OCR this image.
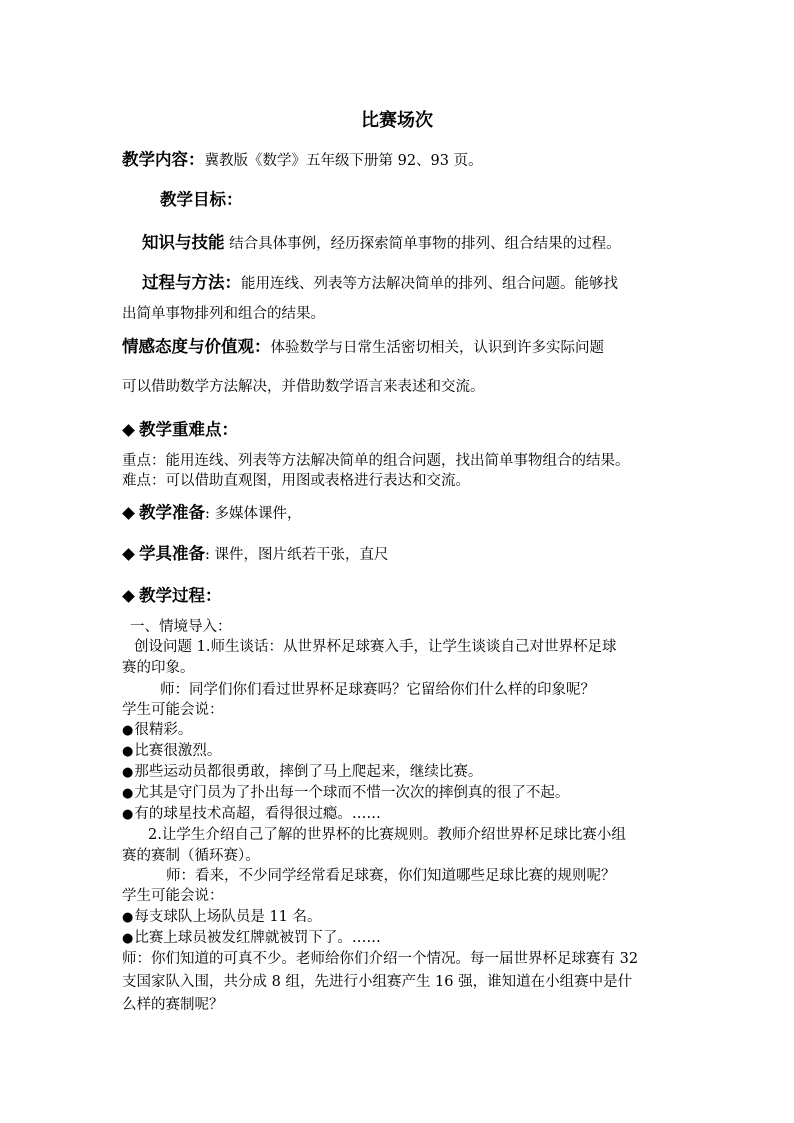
比赛场次
教学内容：冀教版《数学》五年级下册第 92、93 页。
教学目标：
知识与技能 结合具体事例，经历探索简单事物的排列、组合结果的过程。
过程与方法：能用连线、列表等方法解决简单的排列、组合问题。能够找
出简单事物排列和组合的结果。
情感态度与价值观：体验数学与日常生活密切相关，认识到许多实际问题
可以借助数学方法解决，并借助数学语言来表述和交流。
教学重难点：
重点：能用连线、列表等方法解决简单的组合问题，找出简单事物组合的结果。
难点：可以借助直观图，用图或表格进行表达和交流。
教学准备: 多媒体课件，
学具准备: 课件，图片纸若干张，直尺
教学过程：
一、情境导入：
创设问题 1.师生谈话：从世界杯足球赛入手，让学生谈谈自己对世界杯足球
赛的印象。
师：同学们你们看过世界杯足球赛吗？它留给你们什么样的印象呢？
学生可能会说：
●很精彩。
●比赛很激烈。
●那些运动员都很勇敢，摔倒了马上爬起来，继续比赛。
●尤其是守门员为了扑出每一个球而不惜一次次的摔倒真的很了不起。
●有的球星技术高超，看得很过瘾。……
2.让学生介绍自己了解的世界杯的比赛规则。教师介绍世界杯足球比赛小组
赛的赛制（循环赛）。
师：看来，不少同学经常看足球赛，你们知道哪些足球比赛的规则呢？
学生可能会说：
●每支球队上场队员是 11 名。
●比赛上球员被发红牌就被罚下了。……
师：你们知道的可真不少。老师给你们介绍一个情况。每一届世界杯足球赛有 32
支国家队入围，共分成 8 组，先进行小组赛产生 16 强，谁知道在小组赛中是什
么样的赛制呢？
